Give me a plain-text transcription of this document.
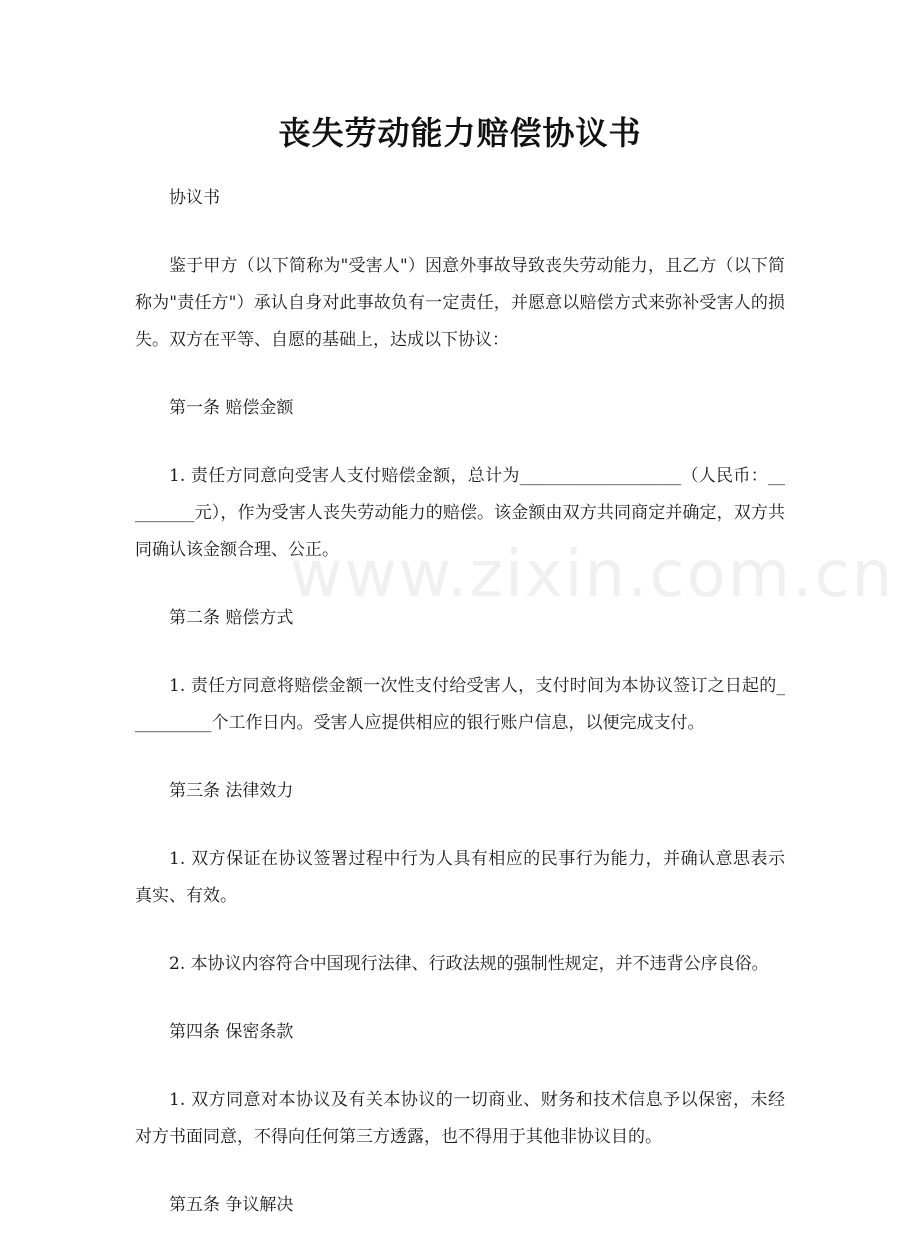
www.zixin.com.cn
丧失劳动能力赔偿协议书

协议书

鉴于甲方（以下简称为"受害人"）因意外事故导致丧失劳动能力，且乙方（以下简称为"责任方"）承认自身对此事故负有一定责任，并愿意以赔偿方式来弥补受害人的损失。双方在平等、自愿的基础上，达成以下协议：

第一条 赔偿金额

1. 责任方同意向受害人支付赔偿金额，总计为___________________（人民币：_________元），作为受害人丧失劳动能力的赔偿。该金额由双方共同商定并确定，双方共同确认该金额合理、公正。

第二条 赔偿方式

1. 责任方同意将赔偿金额一次性支付给受害人，支付时间为本协议签订之日起的__________个工作日内。受害人应提供相应的银行账户信息，以便完成支付。

第三条 法律效力

1. 双方保证在协议签署过程中行为人具有相应的民事行为能力，并确认意思表示真实、有效。

2. 本协议内容符合中国现行法律、行政法规的强制性规定，并不违背公序良俗。

第四条 保密条款

1. 双方同意对本协议及有关本协议的一切商业、财务和技术信息予以保密，未经对方书面同意，不得向任何第三方透露，也不得用于其他非协议目的。

第五条 争议解决
